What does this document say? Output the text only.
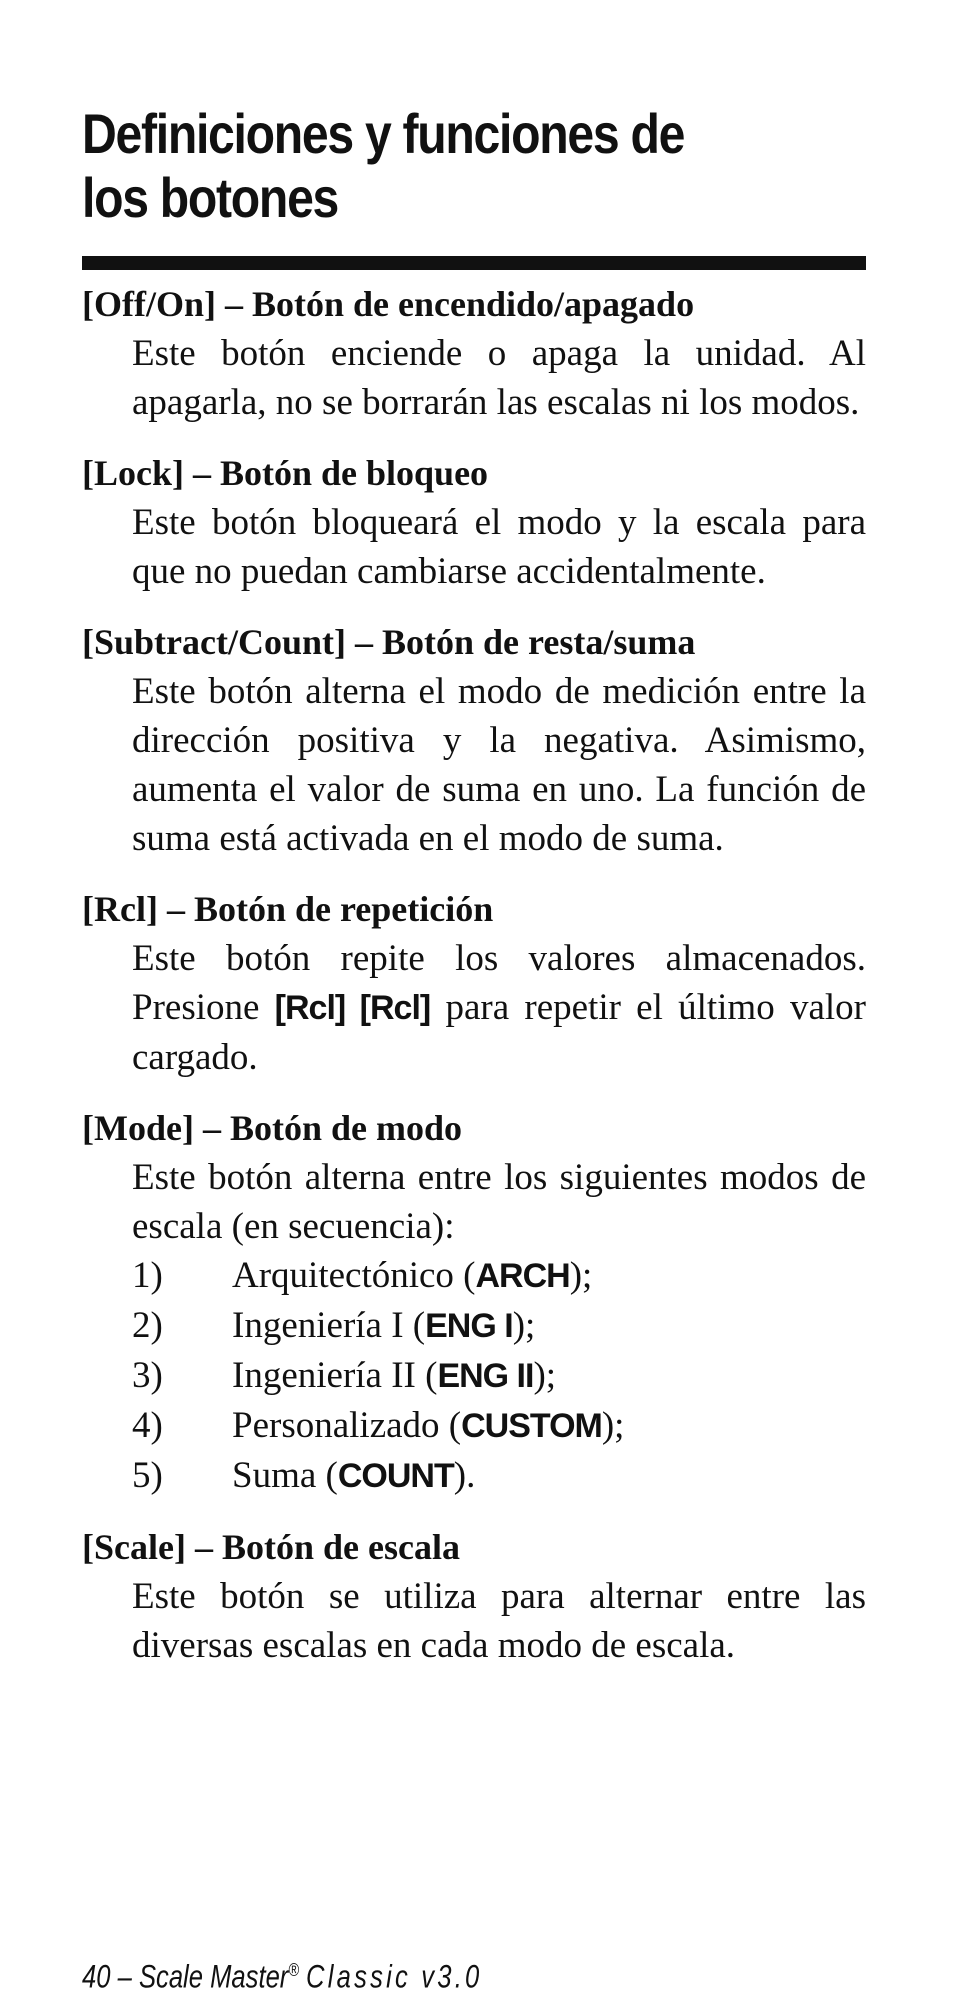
Definiciones y funciones de los botones
[Off/On] – Botón de encendido/apagado
Este botón enciende o apaga la unidad. Al apagarla, no se borrarán las escalas ni los modos.
[Lock] – Botón de bloqueo
Este botón bloqueará el modo y la escala para que no puedan cambiarse accidentalmente.
[Subtract/Count] – Botón de resta/suma
Este botón alterna el modo de medición entre la dirección positiva y la negativa. Asimismo, aumenta el valor de suma en uno. La función de suma está activada en el modo de suma.
[Rcl] – Botón de repetición
Este botón repite los valores almacenados. Presione [Rcl] [Rcl] para repetir el último valor cargado.
[Mode] – Botón de modo
Este botón alterna entre los siguientes modos de escala (en secuencia):
1)	Arquitectónico (ARCH);
2)	Ingeniería I (ENG I);
3)	Ingeniería II (ENG II);
4)	Personalizado (CUSTOM);
5)	Suma (COUNT).
[Scale] – Botón de escala
Este botón se utiliza para alternar entre las diversas escalas en cada modo de escala.
40 – Scale Master® Classic v3.0
